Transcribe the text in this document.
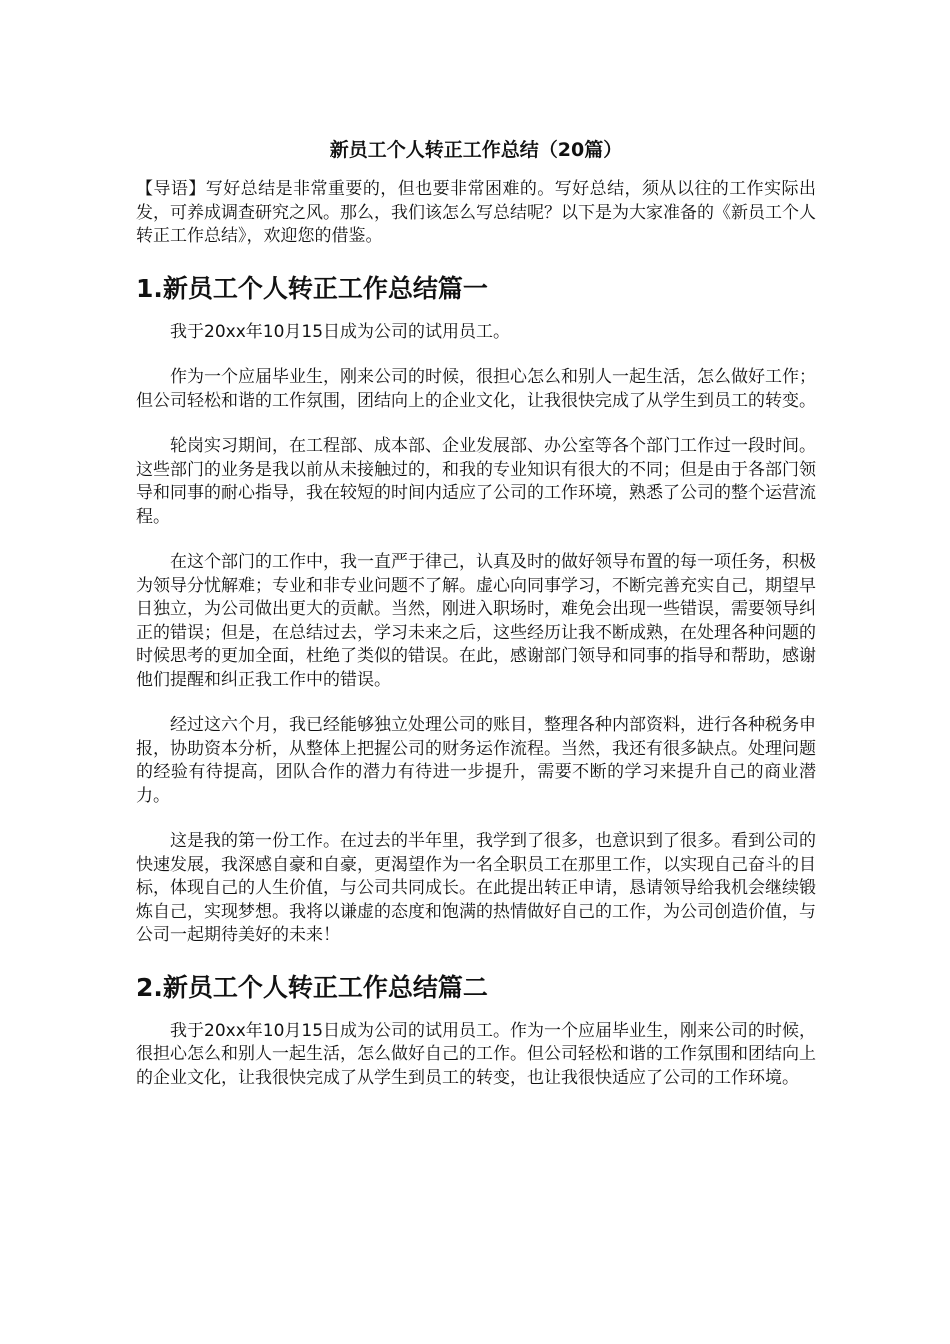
新员工个人转正工作总结（20篇）

【导语】写好总结是非常重要的，但也要非常困难的。写好总结，须从以往的工作实际出发，可养成调查研究之风。那么，我们该怎么写总结呢？以下是为大家准备的《新员工个人转正工作总结》，欢迎您的借鉴。

1.新员工个人转正工作总结篇一

我于20xx年10月15日成为公司的试用员工。

作为一个应届毕业生，刚来公司的时候，很担心怎么和别人一起生活，怎么做好工作；但公司轻松和谐的工作氛围，团结向上的企业文化，让我很快完成了从学生到员工的转变。

轮岗实习期间，在工程部、成本部、企业发展部、办公室等各个部门工作过一段时间。这些部门的业务是我以前从未接触过的，和我的专业知识有很大的不同；但是由于各部门领导和同事的耐心指导，我在较短的时间内适应了公司的工作环境，熟悉了公司的整个运营流程。

在这个部门的工作中，我一直严于律己，认真及时的做好领导布置的每一项任务，积极为领导分忧解难；专业和非专业问题不了解。虚心向同事学习，不断完善充实自己，期望早日独立，为公司做出更大的贡献。当然，刚进入职场时，难免会出现一些错误，需要领导纠正的错误；但是，在总结过去，学习未来之后，这些经历让我不断成熟，在处理各种问题的时候思考的更加全面，杜绝了类似的错误。在此，感谢部门领导和同事的指导和帮助，感谢他们提醒和纠正我工作中的错误。

经过这六个月，我已经能够独立处理公司的账目，整理各种内部资料，进行各种税务申报，协助资本分析，从整体上把握公司的财务运作流程。当然，我还有很多缺点。处理问题的经验有待提高，团队合作的潜力有待进一步提升，需要不断的学习来提升自己的商业潜力。

这是我的第一份工作。在过去的半年里，我学到了很多，也意识到了很多。看到公司的快速发展，我深感自豪和自豪，更渴望作为一名全职员工在那里工作，以实现自己奋斗的目标，体现自己的人生价值，与公司共同成长。在此提出转正申请，恳请领导给我机会继续锻炼自己，实现梦想。我将以谦虚的态度和饱满的热情做好自己的工作，为公司创造价值，与公司一起期待美好的未来！

2.新员工个人转正工作总结篇二

我于20xx年10月15日成为公司的试用员工。作为一个应届毕业生，刚来公司的时候，很担心怎么和别人一起生活，怎么做好自己的工作。但公司轻松和谐的工作氛围和团结向上的企业文化，让我很快完成了从学生到员工的转变，也让我很快适应了公司的工作环境。
